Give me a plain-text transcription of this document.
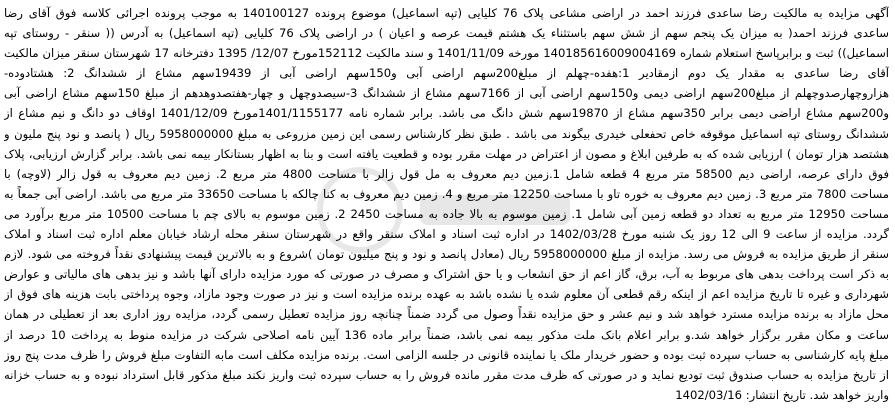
آگهی مزایده به مالکیت رضا ساعدی فرزند احمد در اراضی مشاعی پلاک 76 کلیایی (تپه اسماعیل) موضوع پرونده 140100127 به موجب پرونده اجرائی کلاسه فوق آقای رضا
ساعدی فرزند احمد( به میزان یک پنجم سهم از شش سهم باستثناء یک هشتم قیمت عرصه و اعیان ) در اراضی پلاک 76 کلیایی (تپه اسماعیل) به آدرس (( سنقر - روستای تپه
اسماعیل)) ثبت و برابرپاسخ استعلام شماره 14018561600900​4169 مورخه 1401/11/09 و سند مالکیت 152112مورخ 12/07/ 1395 دفترخانه 17 شهرستان سنقر میزان مالکیت
آقای رضا ساعدی به مقدار یک دوم ازمقادیر 1:هفده-چهلم از مبلغ200سهم اراضی آبی و150سهم اراضی آبی از 19439سهم مشاع از ششدانگ 2: هشتادوده-
هزاروچهارصدوچهلم از مبلغ200سهم اراضی دیمی و150سهم اراضی آبی از 7166سهم مشاع از ششدانگ 3-سیصدوچهل و چهار-هفتصدوهدهم از مبلغ 150سهم مشاع اراضی آبی
و200سهم مشاع اراضی دیمی برابر 350سهم مشاع از 19870سهم شش دانگ می باشد. برابر شماره نامه 1401/1155177مورخ 1401/12/09 اوقاف دو دانگ و نیم مشاع از
ششدانگ روستای تپه اسماعیل موقوفه خاص تحفعلی خیدری بیگوند می باشد . طبق نظر کارشناس رسمی این زمین مزروعی به مبلغ 5958000000 ریال ( پانصد و نود پنج ملیون و
هشتصد هزار تومان ) ارزیابی شده که به طرفین ابلاغ و مصون از اعتراض در مهلت مقرر بوده و قطعیت یافته است و بنا به اظهار بستانکار بیمه نمی باشد. برابر گزارش ارزیابی، پلاک
فوق دارای عرصه، اراضی دیم 58500 متر مربع 4 قطعه شامل 1.زمین دیم معروف به مل قول زالر با مساحت 4800 متر مربع 2. زمین دیم معروف به قول زالر (لاوچه) با
مساحت 7800 متر مربع 3. زمین دیم معروف به خوره تاو با مساحت 12250 متر مربع و 4. زمین دیم معروف به کنا چالکه با مساحت 33650 متر مربع می باشد. اراضی آبی جمعاً به
مساحت 12950 متر مربع به تعداد دو قطعه زمین آبی شامل 1. زمین موسوم به بالا جاده به مساحت 2450 2. زمین موسوم به بالای چم با مساحت 10500 متر مربع برآورد می
گردد. مزایده از ساعت 9 الی 12 روز یک شنبه مورخ 1402/03/28 در اداره ثبت اسناد و املاک سنقر واقع در شهرستان سنقر محله ارشاد خیابان معلم اداره ثبت اسناد و املاک
سنقر از طریق مزایده به فروش می رسد. مزایده از مبلغ 5958000000 ریال (معادل پانصد و نود و پنج میلیون تومان )شروع و به بالاترین قیمت پیشنهادی نقداً فروخته می شود. لازم
به ذکر است پرداخت بدهی های مربوط به آب، برق، گاز اعم از حق انشعاب و یا حق اشتراک و مصرف در صورتی که مورد مزایده دارای آنها باشد و نیز بدهی های مالیاتی و عوارض
شهرداری و غیره تا تاریخ مزایده اعم از اینکه رقم قطعی آن معلوم شده یا نشده باشد به عهده برنده مزایده است و نیز در صورت وجود مازاد، وجوه پرداختی بابت هزینه های فوق از
محل مازاد به برنده مزایده مسترد خواهد شد و نیم عشر و حق مزایده نقداً وصول می گردد ضمناً چنانچه روز مزایده تعطیل رسمی گردد، مزایده روز اداری بعد از تعطیلی در همان
ساعت و مکان مقرر برگزار خواهد شد.و برابر اعلام بانک ملت مذکور بیمه نمی باشد، ضمناً برابر ماده 136 آیین نامه اصلاحی شرکت در مزایده منوط به پرداخت 10 درصد از
مبلغ پایه کارشناسی به حساب سپرده ثبت بوده و حضور خریدار ملک یا نماینده قانونی در جلسه الزامی است. برنده مزایده مکلف است مابه التفاوت مبلغ فروش را ظرف مدت پنج روز
از تاریخ مزایده به حساب صندوق ثبت تودیع نماید و در صورتی که ظرف مدت مقرر مانده فروش را به حساب سپرده ثبت واریز نکند مبلغ مذکور قابل استرداد نبوده و به حساب خزانه
واریز خواهد شد. تاریخ انتشار: 1402/03/16
